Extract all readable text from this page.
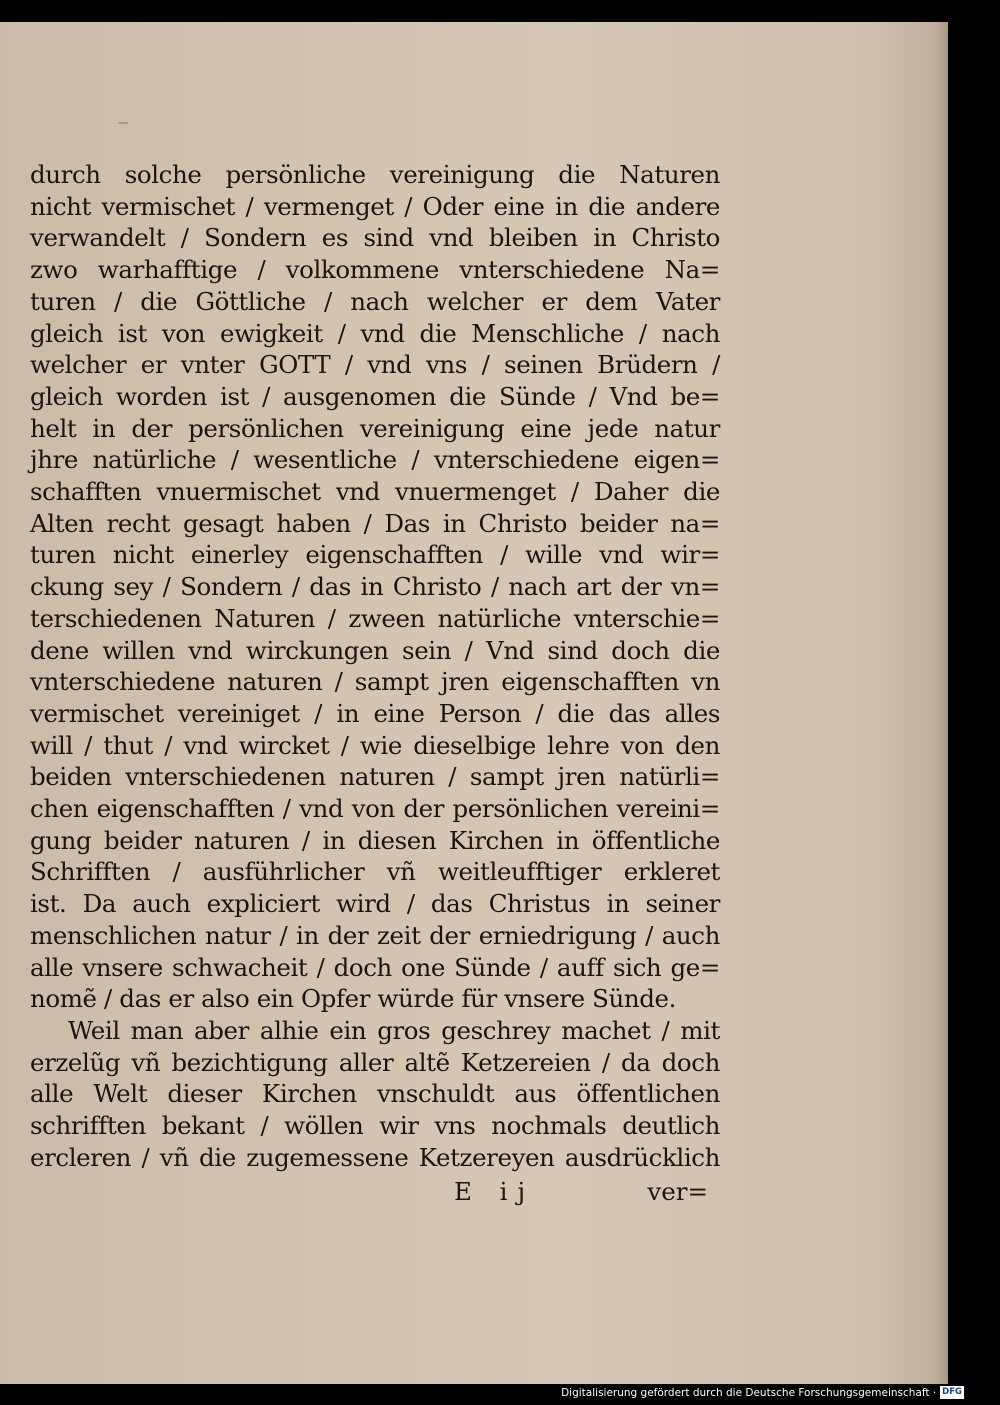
durch solche persönliche vereinigung die Naturen
nicht vermischet / vermenget / Oder eine in die andere
verwandelt / Sondern es sind vnd bleiben in Christo
zwo warhafftige / volkommene vnterschiedene Na=
turen / die Göttliche / nach welcher er dem Vater
gleich ist von ewigkeit / vnd die Menschliche / nach
welcher er vnter GOTT / vnd vns / seinen Brüdern /
gleich worden ist / ausgenomen die Sünde / Vnd be=
helt in der persönlichen vereinigung eine jede natur
jhre natürliche / wesentliche / vnterschiedene eigen=
schafften vnuermischet vnd vnuermenget / Daher die
Alten recht gesagt haben / Das in Christo beider na=
turen nicht einerley eigenschafften / wille vnd wir=
ckung sey / Sondern / das in Christo / nach art der vn=
terschiedenen Naturen / zween natürliche vnterschie=
dene willen vnd wirckungen sein / Vnd sind doch die
vnterschiedene naturen / sampt jren eigenschafften vn
vermischet vereiniget / in eine Person / die das alles
will / thut / vnd wircket / wie dieselbige lehre von den
beiden vnterschiedenen naturen / sampt jren natürli=
chen eigenschafften / vnd von der persönlichen vereini=
gung beider naturen / in diesen Kirchen in öffentliche
Schrifften / ausführlicher vñ weitleufftiger erkleret
ist. Da auch expliciert wird / das Christus in seiner
menschlichen natur / in der zeit der erniedrigung / auch
alle vnsere schwacheit / doch one Sünde / auff sich ge=
nomẽ / das er also ein Opfer würde für vnsere Sünde.
Weil man aber alhie ein gros geschrey machet / mit
erzelũg vñ bezichtigung aller altẽ Ketzereien / da doch
alle Welt dieser Kirchen vnschuldt aus öffentlichen
schrifften bekant / wöllen wir vns nochmals deutlich
ercleren / vñ die zugemessene Ketzereyen ausdrücklich
E ij	ver=
Digitalisierung gefördert durch die Deutsche Forschungsgemeinschaft · DFG
